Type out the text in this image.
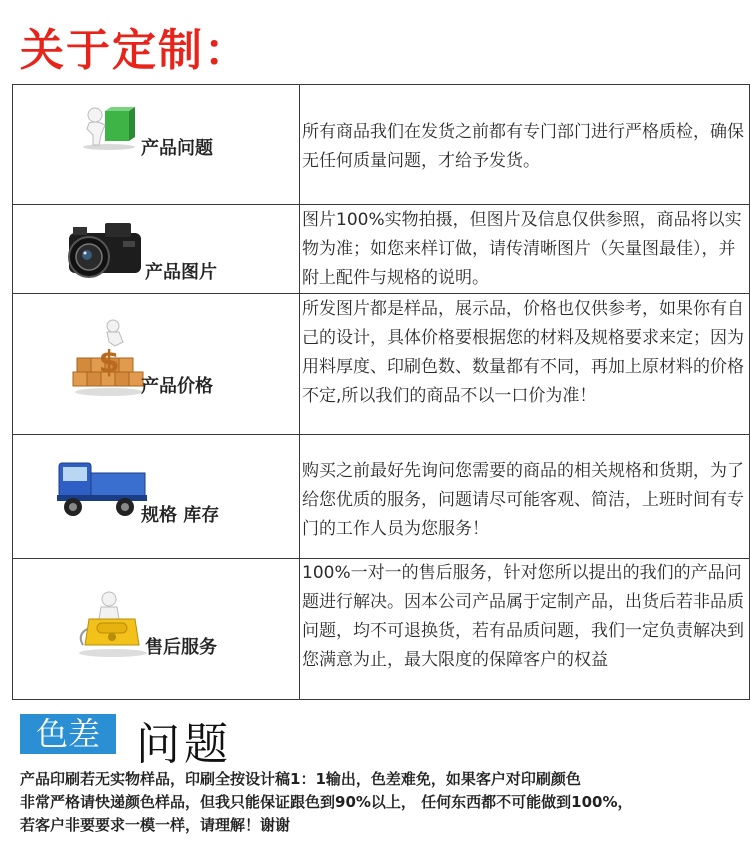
关于定制：
产品问题	所有商品我们在发货之前都有专门部门进行严格质检，确保无任何质量问题，才给予发货。

产品图片	图片100%实物拍摄，但图片及信息仅供参照，商品将以实物为准；如您来样订做，请传清晰图片（矢量图最佳），并附上配件与规格的说明。

$
产品价格	所发图片都是样品，展示品，价格也仅供参考，如果你有自己的设计，具体价格要根据您的材料及规格要求来定；因为用料厚度、印刷色数、数量都有不同，再加上原材料的价格不定,所以我们的商品不以一口价为准！

规格 库存	购买之前最好先询问您需要的商品的相关规格和货期，为了给您优质的服务，问题请尽可能客观、简洁，上班时间有专门的工作人员为您服务！

售后服务	100%一对一的售后服务，针对您所以提出的我们的产品问题进行解决。因本公司产品属于定制产品，出货后若非品质问题，均不可退换货，若有品质问题，我们一定负责解决到您满意为止，最大限度的保障客户的权益
色差 问题
产品印刷若无实物样品，印刷全按设计稿1：1输出，色差难免，如果客户对印刷颜色
非常严格请快递颜色样品，但我只能保证跟色到90%以上， 任何东西都不可能做到100%，
若客户非要要求一模一样，请理解！谢谢
